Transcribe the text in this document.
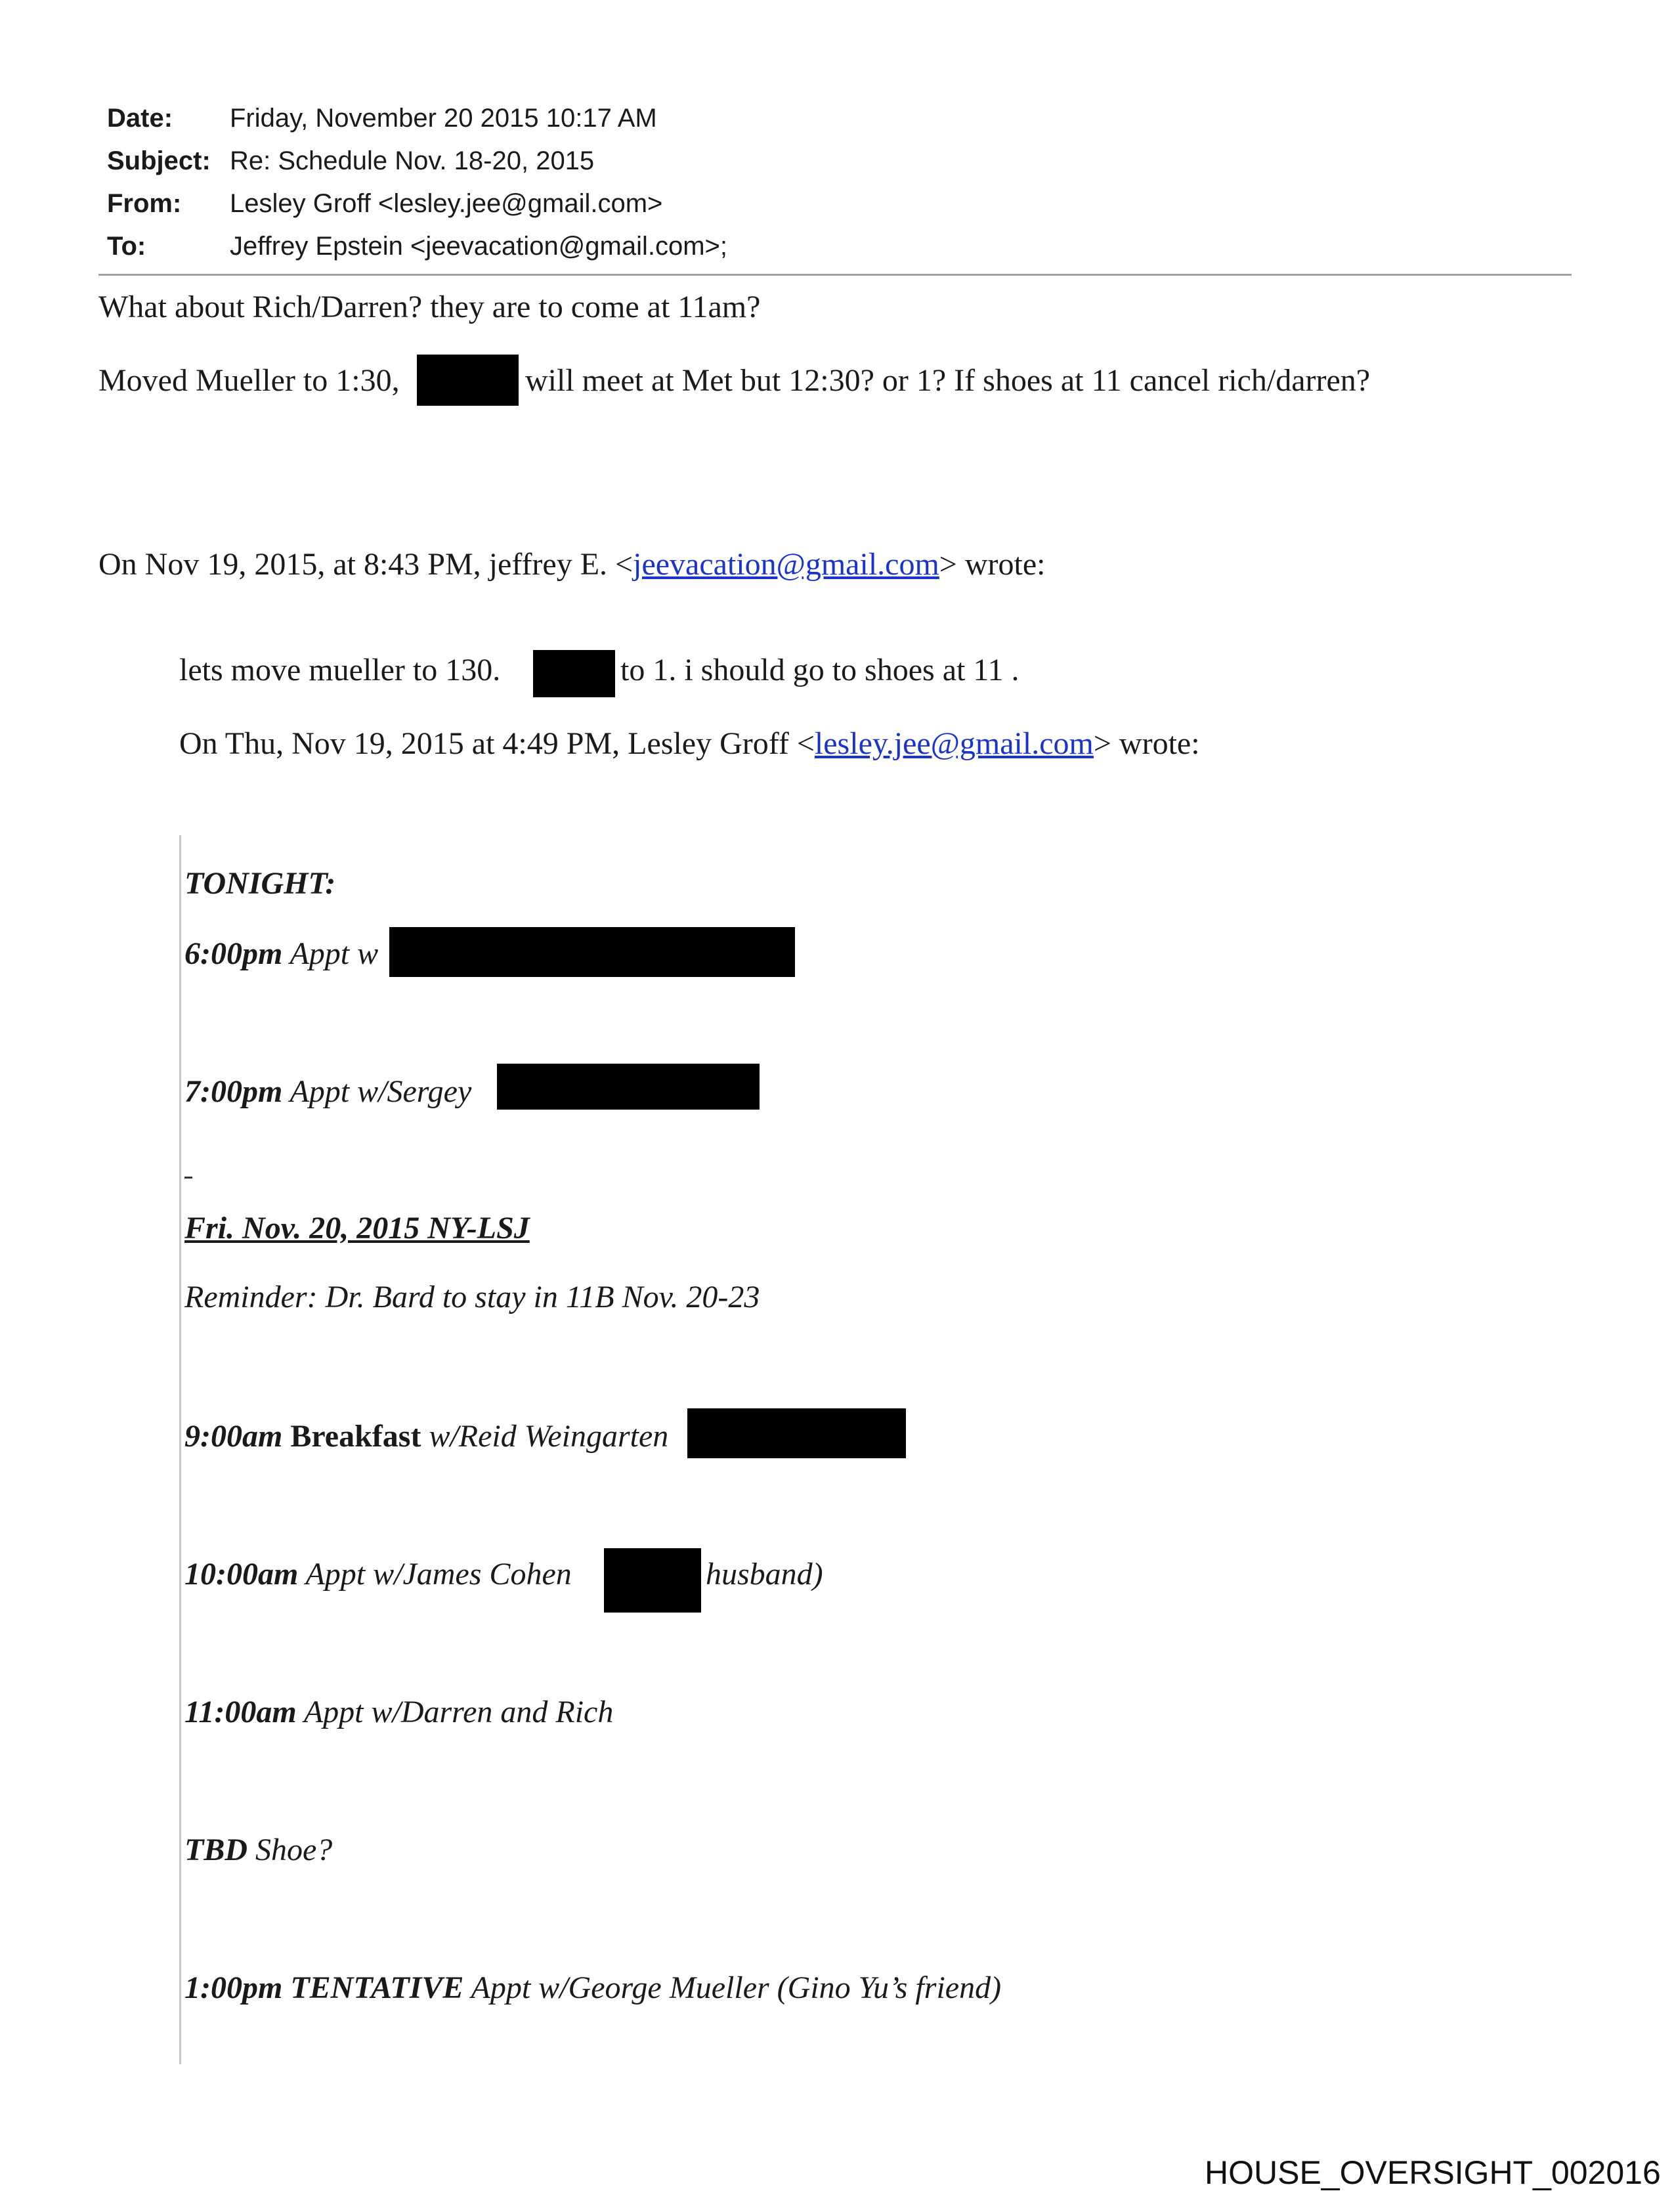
Date: Friday, November 20 2015 10:17 AM
Subject: Re: Schedule Nov. 18-20, 2015
From: Lesley Groff <lesley.jee@gmail.com>
To:	Jeffrey Epstein <jeevacation@gmail.com>;
What about Rich/Darren? they are to come at 11am?
Moved Mueller to 1:30,	will meet at Met but 12:30? or 1? If shoes at 11 cancel rich/darren?
On Nov 19, 2015, at 8:43 PM, jeffrey E. <jeevacation@gmail.com> wrote:
lets move mueller to 130.	to 1. i should go to shoes at 11 .
On Thu, Nov 19, 2015 at 4:49 PM, Lesley Groff <lesley.jee@gmail.com> wrote:
TONIGHT:
6:00pm Appt w
7:00pm Appt w/Sergey
Fri. Nov. 20, 2015 NY-LSJ
Reminder: Dr. Bard to stay in 11B Nov. 20-23
9:00am Breakfast w/Reid Weingarten
10:00am Appt w/James Cohen	husband)
11:00am Appt w/Darren and Rich
TBD Shoe?
1:00pm TENTATIVE Appt w/George Mueller (Gino Yu’s friend)
HOUSE_OVERSIGHT_002016
